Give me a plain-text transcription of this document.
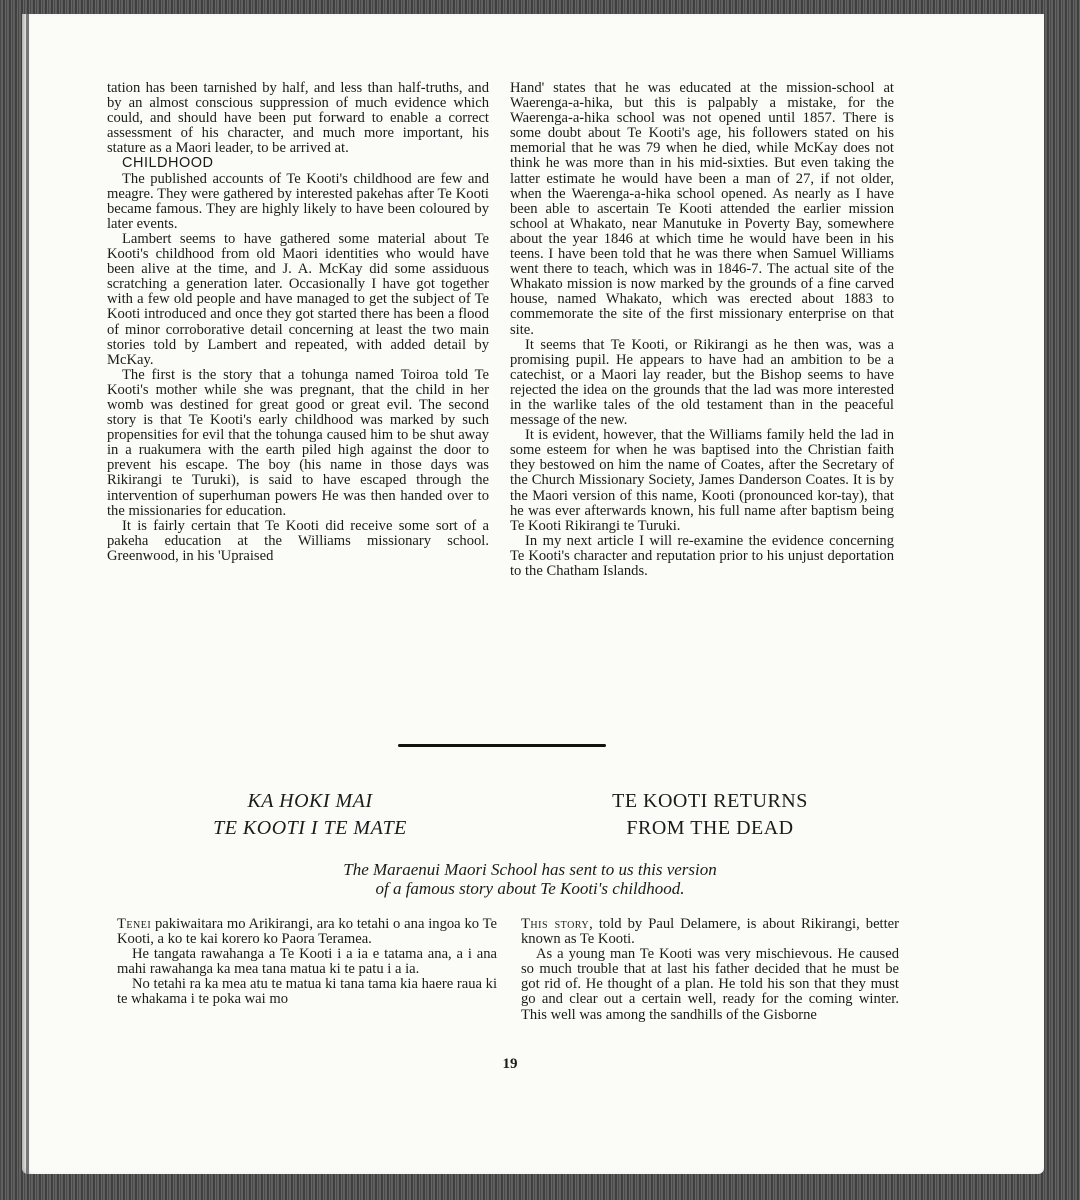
tation has been tarnished by half, and less than half-truths, and by an almost conscious suppression of much evidence which could, and should have been put forward to enable a correct assessment of his character, and much more important, his stature as a Maori leader, to be arrived at.

CHILDHOOD

The published accounts of Te Kooti's childhood are few and meagre. They were gathered by interested pakehas after Te Kooti became famous. They are highly likely to have been coloured by later events.

Lambert seems to have gathered some material about Te Kooti's childhood from old Maori identities who would have been alive at the time, and J. A. McKay did some assiduous scratching a generation later. Occasionally I have got together with a few old people and have managed to get the subject of Te Kooti introduced and once they got started there has been a flood of minor corroborative detail concerning at least the two main stories told by Lambert and repeated, with added detail by McKay.

The first is the story that a tohunga named Toiroa told Te Kooti's mother while she was pregnant, that the child in her womb was destined for great good or great evil. The second story is that Te Kooti's early childhood was marked by such propensities for evil that the tohunga caused him to be shut away in a ruakumera with the earth piled high against the door to prevent his escape. The boy (his name in those days was Rikirangi te Turuki), is said to have escaped through the intervention of superhuman powers He was then handed over to the missionaries for education.

It is fairly certain that Te Kooti did receive some sort of a pakeha education at the Williams missionary school. Greenwood, in his 'Upraised

Hand' states that he was educated at the mission-school at Waerenga-a-hika, but this is palpably a mistake, for the Waerenga-a-hika school was not opened until 1857. There is some doubt about Te Kooti's age, his followers stated on his memorial that he was 79 when he died, while McKay does not think he was more than in his mid-sixties. But even taking the latter estimate he would have been a man of 27, if not older, when the Waerenga-a-hika school opened. As nearly as I have been able to ascertain Te Kooti attended the earlier mission school at Whakato, near Manutuke in Poverty Bay, somewhere about the year 1846 at which time he would have been in his teens. I have been told that he was there when Samuel Williams went there to teach, which was in 1846-7. The actual site of the Whakato mission is now marked by the grounds of a fine carved house, named Whakato, which was erected about 1883 to commemorate the site of the first missionary enterprise on that site.

It seems that Te Kooti, or Rikirangi as he then was, was a promising pupil. He appears to have had an ambition to be a catechist, or a Maori lay reader, but the Bishop seems to have rejected the idea on the grounds that the lad was more interested in the warlike tales of the old testament than in the peaceful message of the new.

It is evident, however, that the Williams family held the lad in some esteem for when he was baptised into the Christian faith they bestowed on him the name of Coates, after the Secretary of the Church Missionary Society, James Danderson Coates. It is by the Maori version of this name, Kooti (pronounced kor-tay), that he was ever afterwards known, his full name after baptism being Te Kooti Rikirangi te Turuki.

In my next article I will re-examine the evidence concerning Te Kooti's character and reputation prior to his unjust deportation to the Chatham Islands.

KA HOKI MAI
TE KOOTI I TE MATE
TE KOOTI RETURNS
FROM THE DEAD
The Maraenui Maori School has sent to us this version
of a famous story about Te Kooti's childhood.

Tenei pakiwaitara mo Arikirangi, ara ko tetahi o ana ingoa ko Te Kooti, a ko te kai korero ko Paora Teramea.

He tangata rawahanga a Te Kooti i a ia e tatama ana, a i ana mahi rawahanga ka mea tana matua ki te patu i a ia.

No tetahi ra ka mea atu te matua ki tana tama kia haere raua ki te whakama i te poka wai mo

This story, told by Paul Delamere, is about Rikirangi, better known as Te Kooti.

As a young man Te Kooti was very mischievous. He caused so much trouble that at last his father decided that he must be got rid of. He thought of a plan. He told his son that they must go and clear out a certain well, ready for the coming winter. This well was among the sandhills of the Gisborne

19
